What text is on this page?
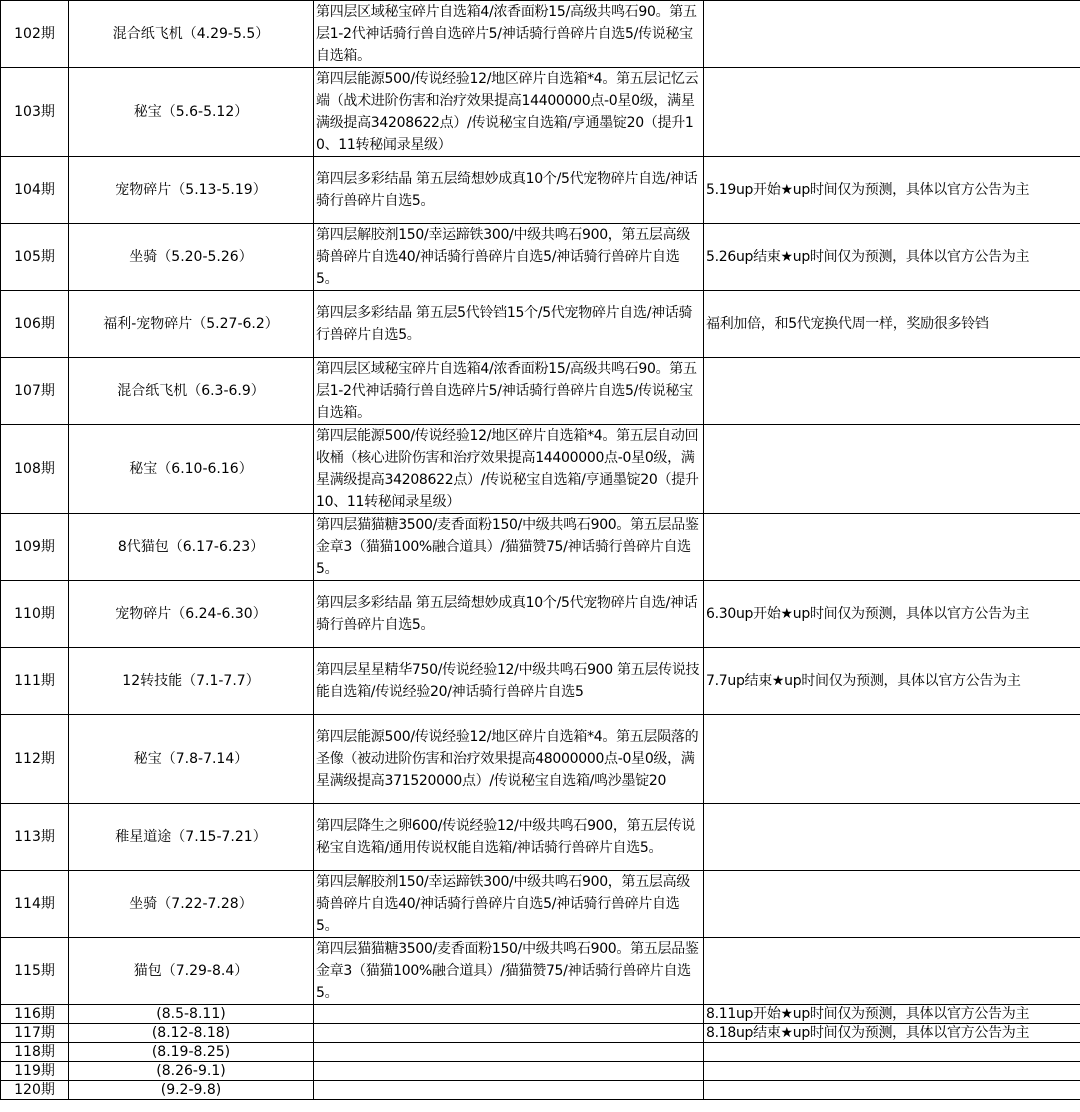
102期	混合纸飞机（4.29-5.5）	第四层区域秘宝碎片自选箱4/浓香面粉15/高级共鸣石90。第五层1-2代神话骑行兽自选碎片5/神话骑行兽碎片自选5/传说秘宝自选箱。	
103期	秘宝（5.6-5.12）	第四层能源500/传说经验12/地区碎片自选箱*4。第五层记忆云端（战术进阶伤害和治疗效果提高14400000点-0星0级，满星满级提高34208622点）/传说秘宝自选箱/亨通墨锭20（提升10、11转秘闻录星级）	
104期	宠物碎片（5.13-5.19）	第四层多彩结晶 第五层绮想妙成真10个/5代宠物碎片自选/神话骑行兽碎片自选5。	5.19up开始★up时间仅为预测，具体以官方公告为主
105期	坐骑（5.20-5.26）	第四层解胶剂150/幸运蹄铁300/中级共鸣石900，第五层高级骑兽碎片自选40/神话骑行兽碎片自选5/神话骑行兽碎片自选5。	5.26up结束★up时间仅为预测，具体以官方公告为主
106期	福利-宠物碎片（5.27-6.2）	第四层多彩结晶 第五层5代铃铛15个/5代宠物碎片自选/神话骑行兽碎片自选5。	福利加倍，和5代宠换代周一样，奖励很多铃铛
107期	混合纸飞机（6.3-6.9）	第四层区域秘宝碎片自选箱4/浓香面粉15/高级共鸣石90。第五层1-2代神话骑行兽自选碎片5/神话骑行兽碎片自选5/传说秘宝自选箱。	
108期	秘宝（6.10-6.16）	第四层能源500/传说经验12/地区碎片自选箱*4。第五层自动回收桶（核心进阶伤害和治疗效果提高14400000点-0星0级，满星满级提高34208622点）/传说秘宝自选箱/亨通墨锭20（提升10、11转秘闻录星级）	
109期	8代猫包（6.17-6.23）	第四层猫猫糖3500/麦香面粉150/中级共鸣石900。第五层品鉴金章3（猫猫100%融合道具）/猫猫赞75/神话骑行兽碎片自选5。	
110期	宠物碎片（6.24-6.30）	第四层多彩结晶 第五层绮想妙成真10个/5代宠物碎片自选/神话骑行兽碎片自选5。	6.30up开始★up时间仅为预测，具体以官方公告为主
111期	12转技能（7.1-7.7）	第四层星星精华750/传说经验12/中级共鸣石900 第五层传说技能自选箱/传说经验20/神话骑行兽碎片自选5	7.7up结束★up时间仅为预测，具体以官方公告为主
112期	秘宝（7.8-7.14）	第四层能源500/传说经验12/地区碎片自选箱*4。第五层陨落的圣像（被动进阶伤害和治疗效果提高48000000点-0星0级，满星满级提高371520000点）/传说秘宝自选箱/鸣沙墨锭20	
113期	稚星道途（7.15-7.21）	第四层降生之卵600/传说经验12/中级共鸣石900，第五层传说秘宝自选箱/通用传说权能自选箱/神话骑行兽碎片自选5。	
114期	坐骑（7.22-7.28）	第四层解胶剂150/幸运蹄铁300/中级共鸣石900，第五层高级骑兽碎片自选40/神话骑行兽碎片自选5/神话骑行兽碎片自选5。	
115期	猫包（7.29-8.4）	第四层猫猫糖3500/麦香面粉150/中级共鸣石900。第五层品鉴金章3（猫猫100%融合道具）/猫猫赞75/神话骑行兽碎片自选5。	
116期	(8.5-8.11)		8.11up开始★up时间仅为预测，具体以官方公告为主
117期	(8.12-8.18)		8.18up结束★up时间仅为预测，具体以官方公告为主
118期	(8.19-8.25)		
119期	(8.26-9.1)		
120期	(9.2-9.8)		
